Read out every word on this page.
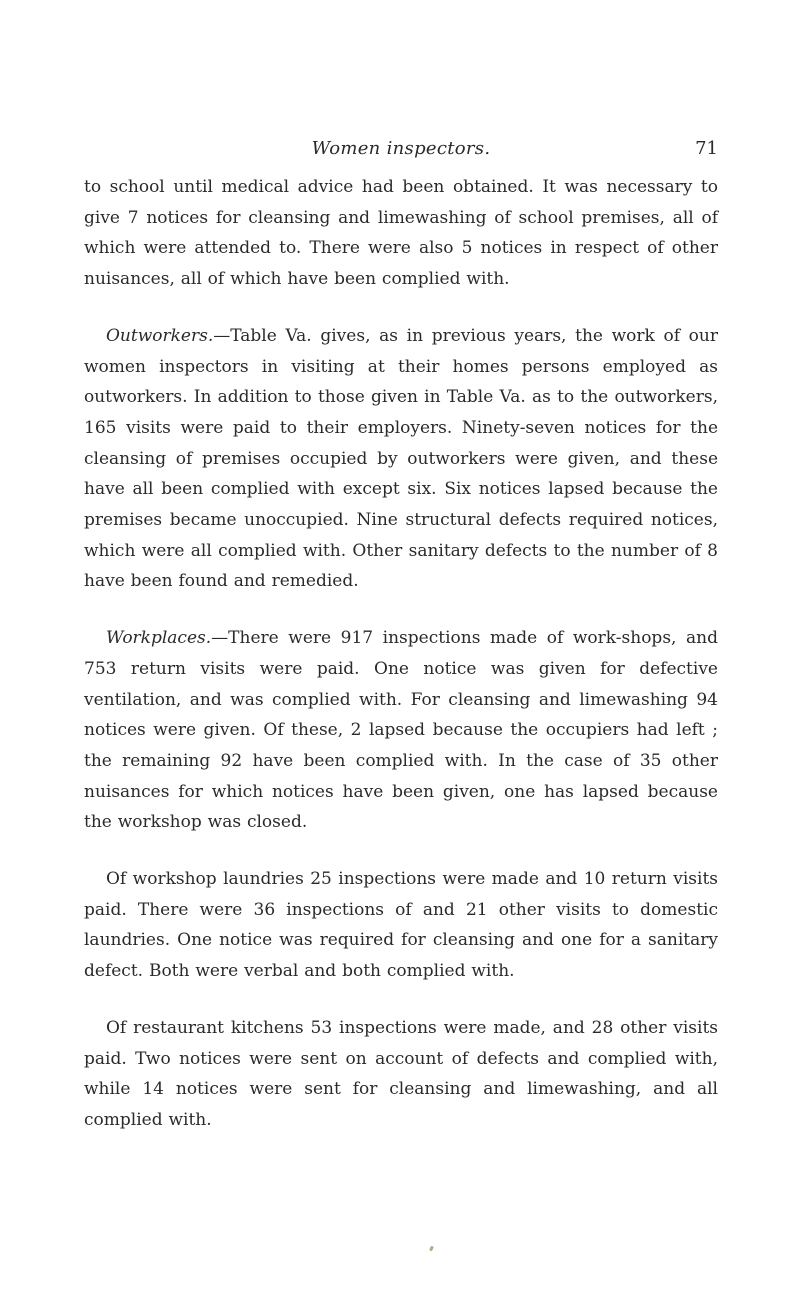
Women inspectors.	71

to school until medical advice had been obtained. It was necessary to give 7 notices for cleansing and limewashing of school premises, all of which were attended to. There were also 5 notices in respect of other nuisances, all of which have been complied with.

Outworkers.—Table Va. gives, as in previous years, the work of our women inspectors in visiting at their homes persons employed as outworkers. In addition to those given in Table Va. as to the outworkers, 165 visits were paid to their employers. Ninety-seven notices for the cleansing of premises occupied by outworkers were given, and these have all been complied with except six. Six notices lapsed because the premises became unoccupied. Nine structural defects required notices, which were all complied with. Other sanitary defects to the number of 8 have been found and remedied.

Workplaces.—There were 917 inspections made of work-shops, and 753 return visits were paid. One notice was given for defective ventilation, and was complied with. For cleansing and limewashing 94 notices were given. Of these, 2 lapsed because the occupiers had left ; the remaining 92 have been complied with. In the case of 35 other nuisances for which notices have been given, one has lapsed because the workshop was closed.

Of workshop laundries 25 inspections were made and 10 return visits paid. There were 36 inspections of and 21 other visits to domestic laundries. One notice was required for cleansing and one for a sanitary defect. Both were verbal and both complied with.

Of restaurant kitchens 53 inspections were made, and 28 other visits paid. Two notices were sent on account of defects and complied with, while 14 notices were sent for cleansing and limewashing, and all complied with.
